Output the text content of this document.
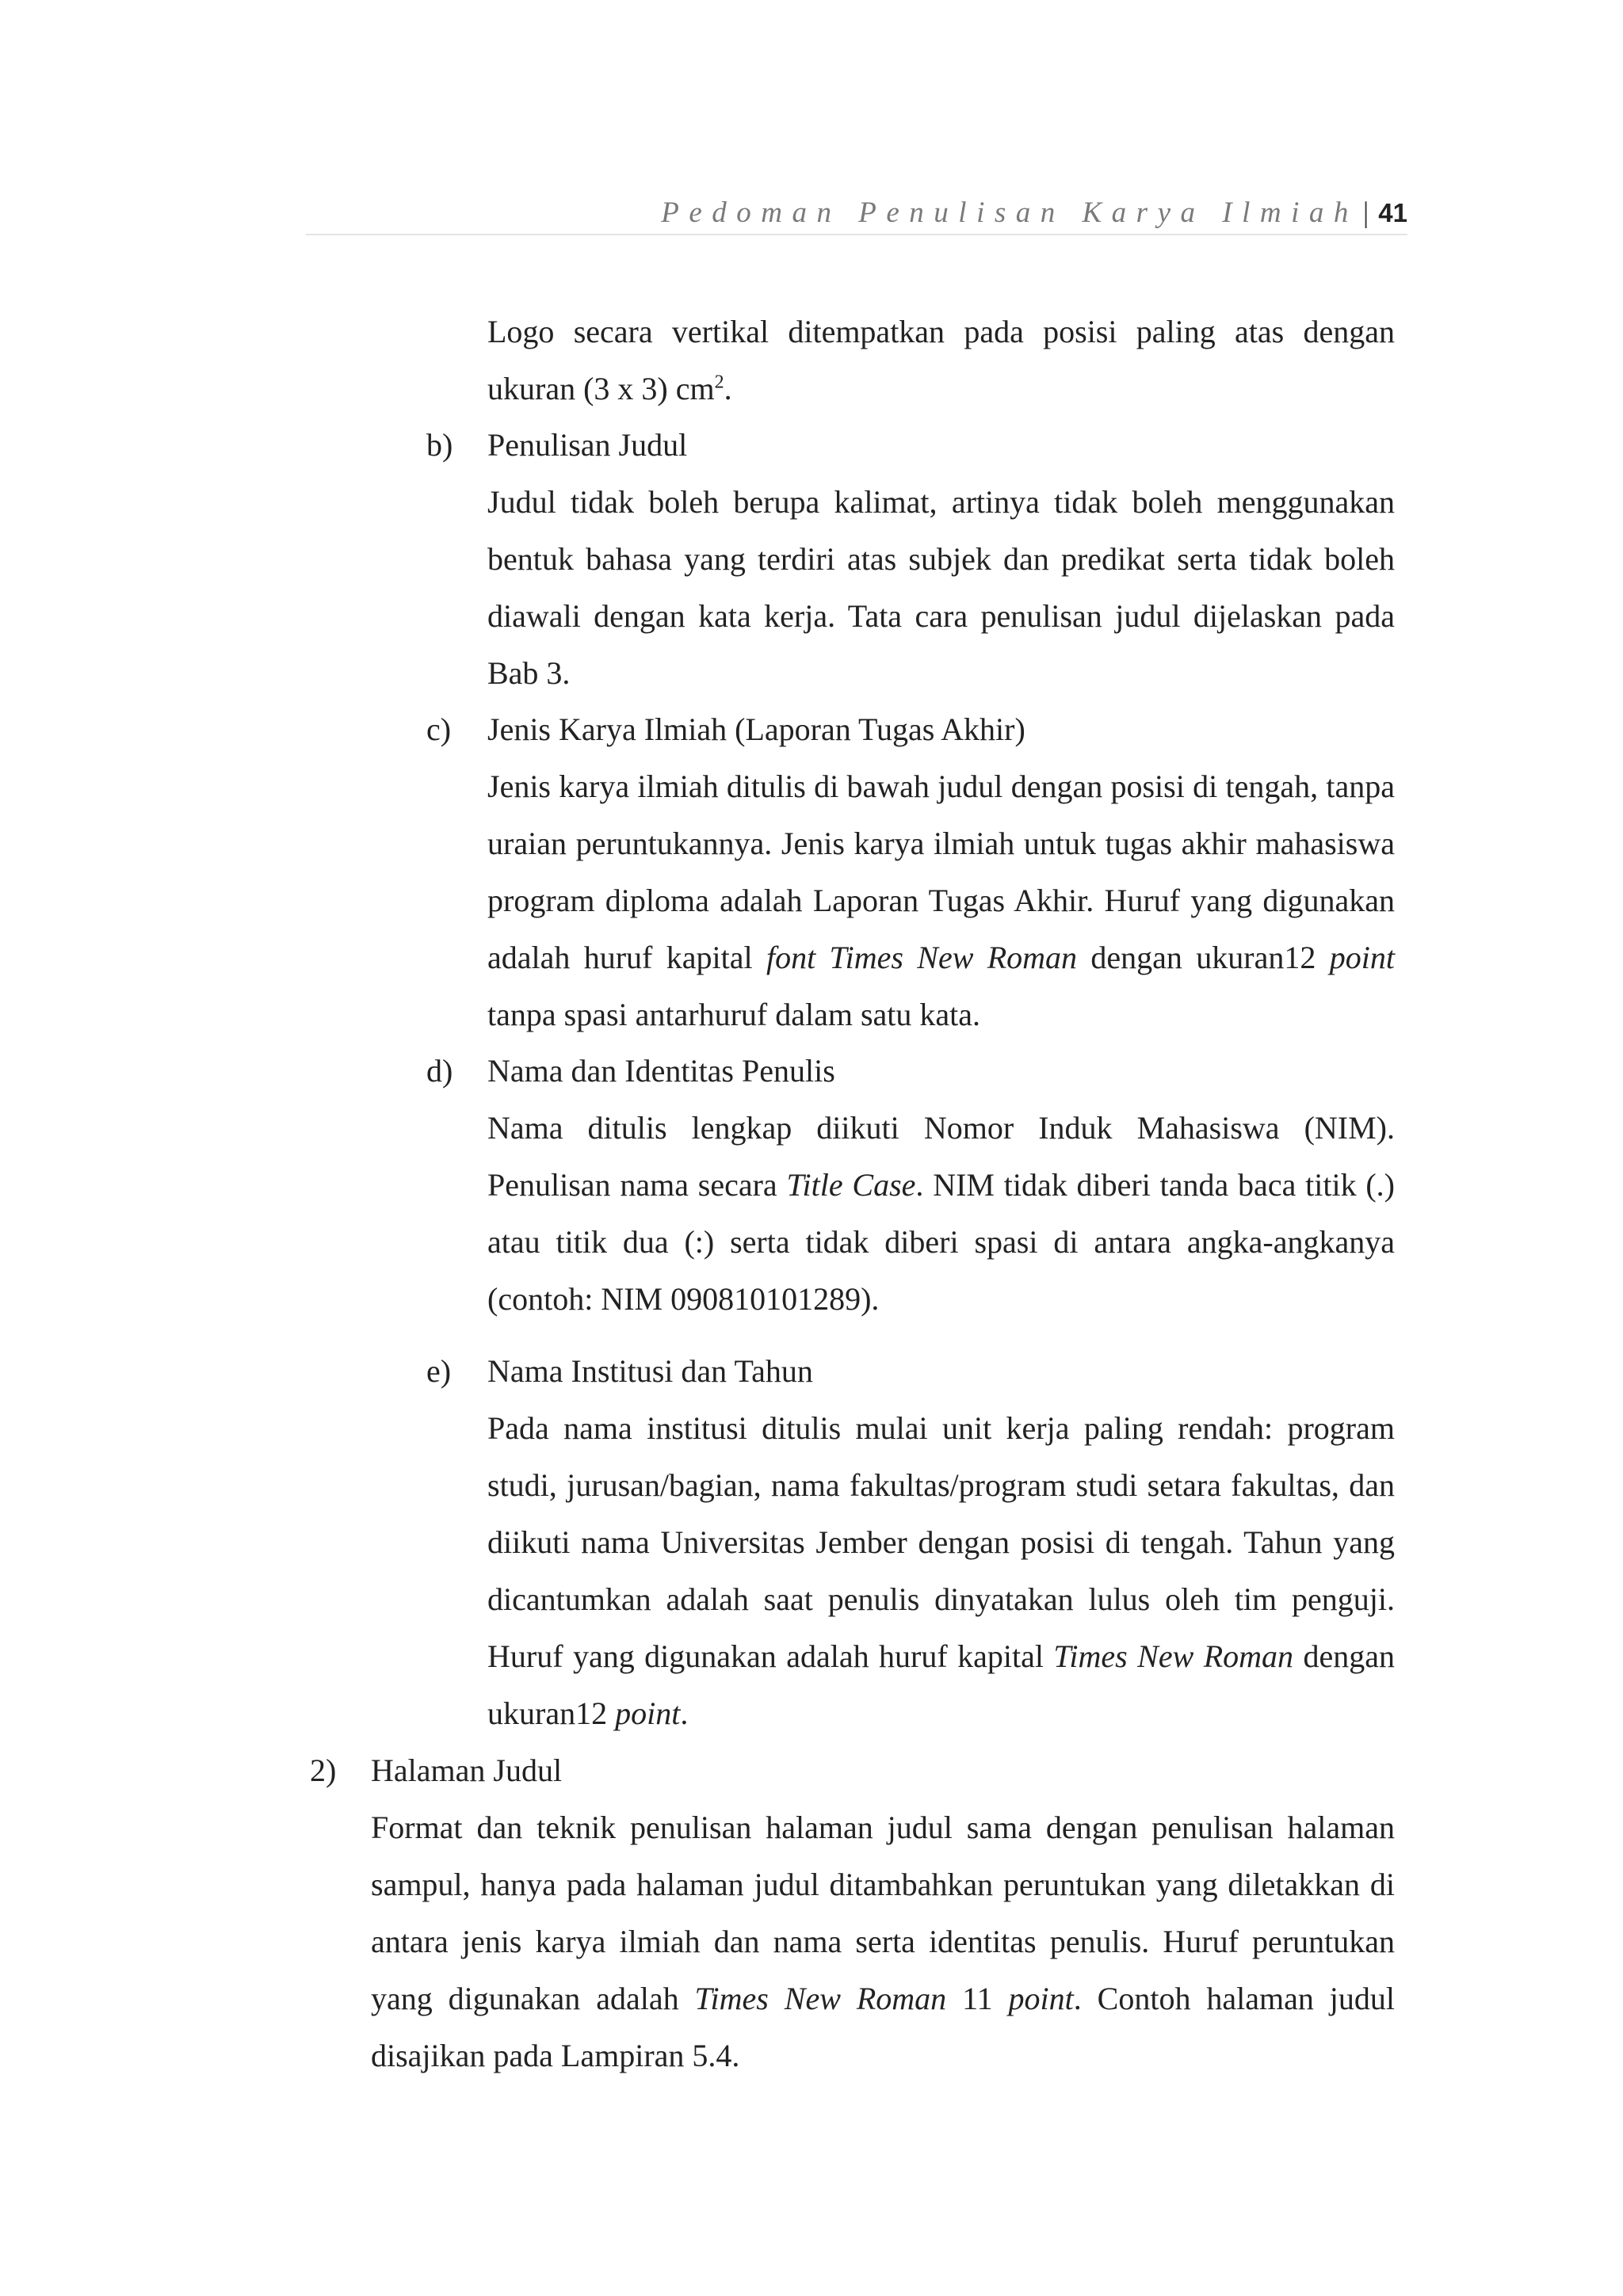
Pedoman Penulisan Karya Ilmiah | 41
Logo secara vertikal ditempatkan pada posisi paling atas dengan ukuran (3 x 3) $cm^2$.
b) Penulisan Judul
Judul tidak boleh berupa kalimat, artinya tidak boleh menggunakan bentuk bahasa yang terdiri atas subjek dan predikat serta tidak boleh diawali dengan kata kerja. Tata cara penulisan judul dijelaskan pada Bab 3.
c) Jenis Karya Ilmiah (Laporan Tugas Akhir)
Jenis karya ilmiah ditulis di bawah judul dengan posisi di tengah, tanpa uraian peruntukannya. Jenis karya ilmiah untuk tugas akhir mahasiswa program diploma adalah Laporan Tugas Akhir. Huruf yang digunakan adalah huruf kapital font Times New Roman dengan ukuran12 point tanpa spasi antarhuruf dalam satu kata.
d) Nama dan Identitas Penulis
Nama ditulis lengkap diikuti Nomor Induk Mahasiswa (NIM). Penulisan nama secara Title Case. NIM tidak diberi tanda baca titik (.) atau titik dua (:) serta tidak diberi spasi di antara angka-angkanya (contoh: NIM 090810101289).
e) Nama Institusi dan Tahun
Pada nama institusi ditulis mulai unit kerja paling rendah: program studi, jurusan/bagian, nama fakultas/program studi setara fakultas, dan diikuti nama Universitas Jember dengan posisi di tengah. Tahun yang dicantumkan adalah saat penulis dinyatakan lulus oleh tim penguji. Huruf yang digunakan adalah huruf kapital Times New Roman dengan ukuran12 point.
2) Halaman Judul
Format dan teknik penulisan halaman judul sama dengan penulisan halaman sampul, hanya pada halaman judul ditambahkan peruntukan yang diletakkan di antara jenis karya ilmiah dan nama serta identitas penulis. Huruf peruntukan yang digunakan adalah Times New Roman 11 point. Contoh halaman judul disajikan pada Lampiran 5.4.
